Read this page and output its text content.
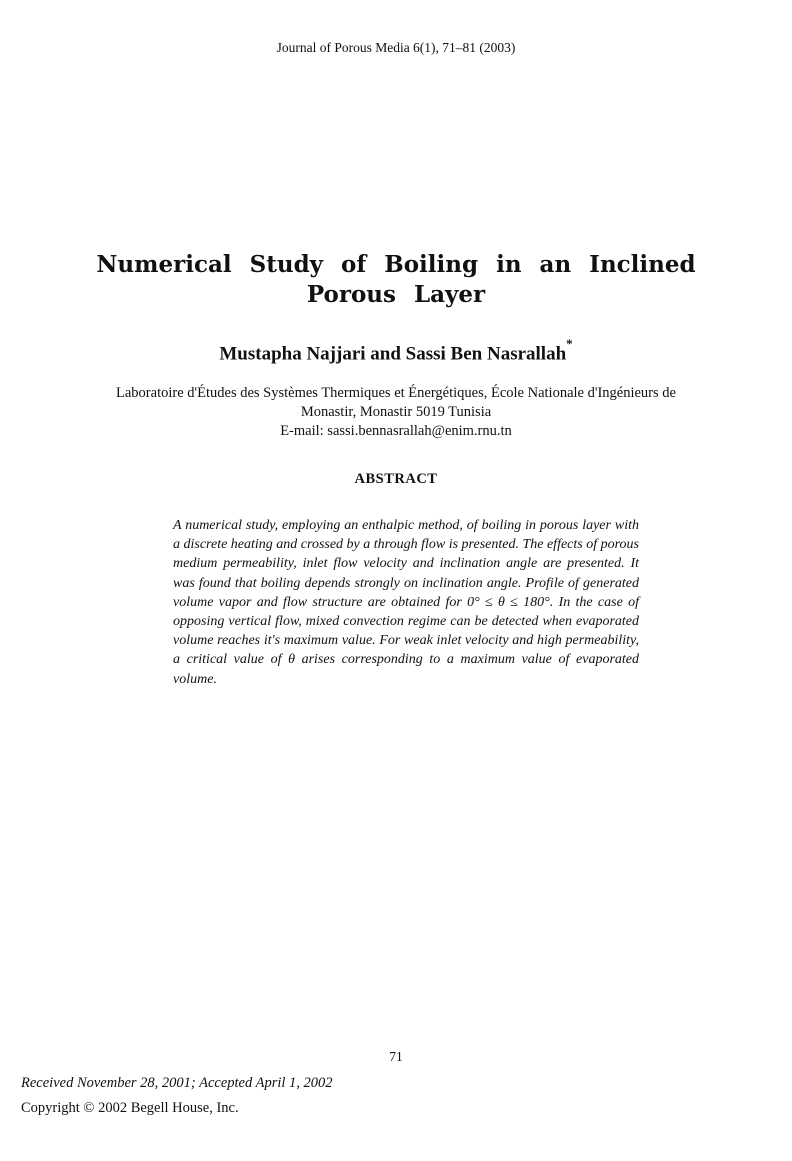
Journal of Porous Media 6(1), 71–81 (2003)
Numerical Study of Boiling in an Inclined Porous Layer
Mustapha Najjari and Sassi Ben Nasrallah*
Laboratoire d'Études des Systèmes Thermiques et Énergétiques, École Nationale d'Ingénieurs de
Monastir, Monastir 5019 Tunisia
E-mail: sassi.bennasrallah@enim.rnu.tn
ABSTRACT
A numerical study, employing an enthalpic method, of boiling in porous layer with a discrete heating and crossed by a through flow is presented. The effects of porous medium permeability, inlet flow velocity and inclination angle are presented. It was found that boiling depends strongly on inclination angle. Profile of generated volume vapor and flow structure are obtained for 0° ≤ θ ≤ 180°. In the case of opposing vertical flow, mixed convection regime can be detected when evaporated volume reaches it's maximum value. For weak inlet velocity and high permeability, a critical value of θ arises corresponding to a maximum value of evaporated volume.
71
Received November 28, 2001; Accepted April 1, 2002
Copyright © 2002 Begell House, Inc.
